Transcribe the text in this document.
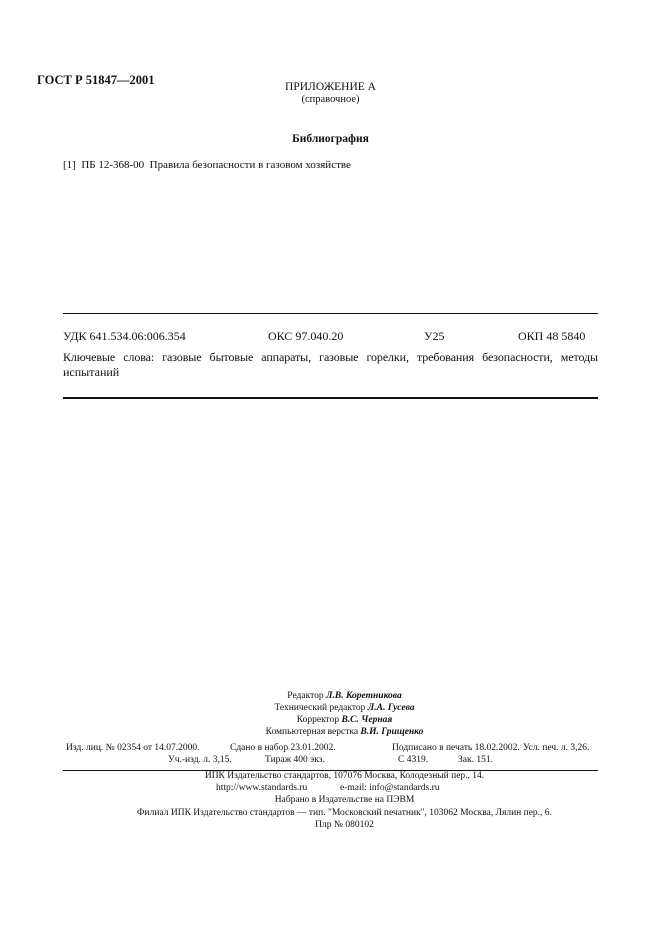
ГОСТ Р 51847—2001	ПРИЛОЖЕНИЕ А
(справочное)
Библиография
[1] ПБ 12-368-00 Правила безопасности в газовом хозяйстве
УДК 641.534.06:006.354	ОКС 97.040.20	У25	ОКП 48 5840
Ключевые слова: газовые бытовые аппараты, газовые горелки, требования безопасности, методы
испытаний
Редактор Л.В. Коретникова
Технический редактор Л.А. Гусева
Корректор В.С. Черная
Компьютерная верстка В.И. Грищенко
Изд. лиц. № 02354 от 14.07.2000.	Сдано в набор 23.01.2002.	Подписано в печать 18.02.2002. Усл. печ. л. 3,26.
Уч.-изд. л. 3,15.	Тираж 400 экз.	С 4319.	Зак. 151.
ИПК Издательство стандартов, 107076 Москва, Колодезный пер., 14.
http://www.standards.ru	e-mail: info@standards.ru
Набрано в Издательстве на ПЭВМ
Филиал ИПК Издательство стандартов — тип. "Московский печатник", 103062 Москва, Лялин пер., 6.
Плр № 080102
